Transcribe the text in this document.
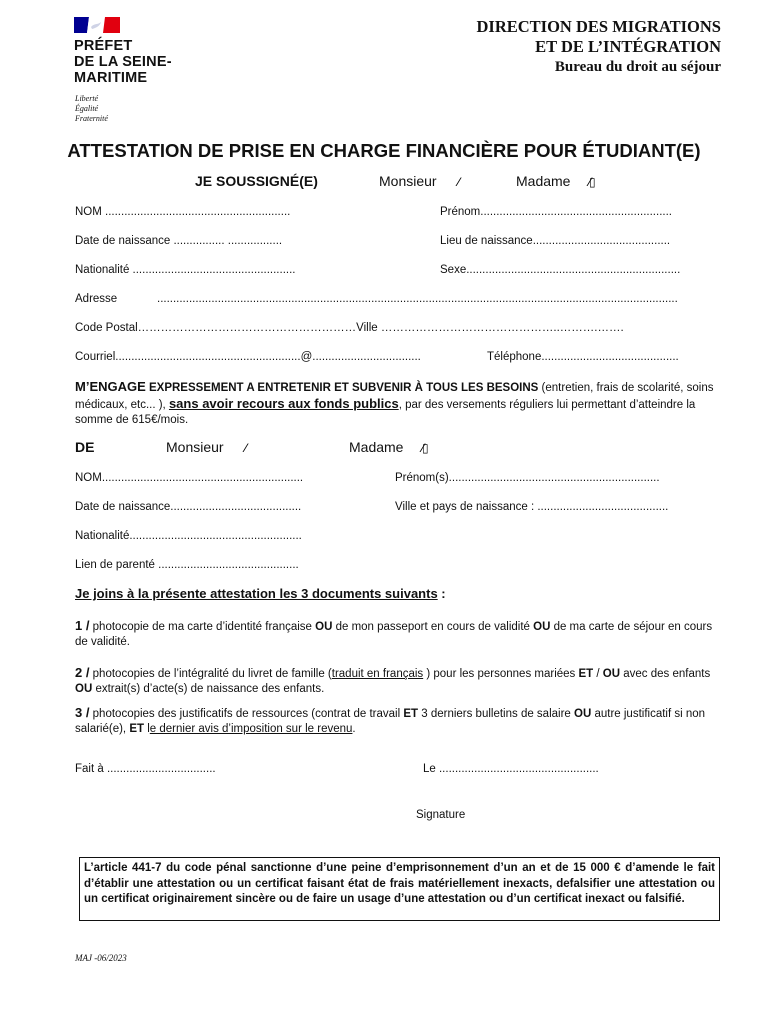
PRÉFET
DE LA SEINE-
MARITIME
Liberté
Égalité
Fraternité
DIRECTION DES MIGRATIONS
ET DE L’INTÉGRATION
Bureau du droit au séjour
ATTESTATION DE PRISE EN CHARGE FINANCIÈRE POUR ÉTUDIANT(E)
JE SOUSSIGNÉ(E)	Monsieur ⁄⁄	Madame ⁄⁄▯
NOM ..........................................................	Prénom............................................................
Date de naissance ................ .................	Lieu de naissance...........................................
Nationalité ...................................................	Sexe...................................................................
Adresse	...................................................................................................................................................................
Code Postal…………………………………………………Ville ………………………………………..……….…….
Courriel..........................................................@..................................	Téléphone...........................................
M’ENGAGE EXPRESSEMENT A ENTRETENIR ET SUBVENIR À TOUS LES BESOINS (entretien, frais de scolarité, soins médicaux, etc... ), sans avoir recours aux fonds publics, par des versements réguliers lui permettant d’atteindre la somme de 615€/mois.
DE	Monsieur ⁄⁄	Madame ⁄⁄▯
NOM...............................................................	Prénom(s)..................................................................
Date de naissance.........................................	Ville et pays de naissance : .........................................
Nationalité......................................................
Lien de parenté ............................................
Je joins à la présente attestation les 3 documents suivants :
1 / photocopie de ma carte d’identité française OU de mon passeport en cours de validité OU de ma carte de séjour en cours de validité.
2 / photocopies de l’intégralité du livret de famille (traduit en français ) pour les personnes mariées ET / OU avec des enfants OU extrait(s) d’acte(s) de naissance des enfants.
3 / photocopies des justificatifs de ressources (contrat de travail ET 3 derniers bulletins de salaire OU autre justificatif si non salarié(e), ET le dernier avis d’imposition sur le revenu.
Fait à ..................................	Le ..................................................
Signature
L’article 441-7 du code pénal sanctionne d’une peine d’emprisonnement d’un an et de 15 000 € d’amende le fait d’établir une attestation ou un certificat faisant état de frais matériellement inexacts, defalsifier une attestation ou un certificat originairement sincère ou de faire un usage d’une attestation ou d’un certificat inexact ou falsifié.
MAJ -06/2023
